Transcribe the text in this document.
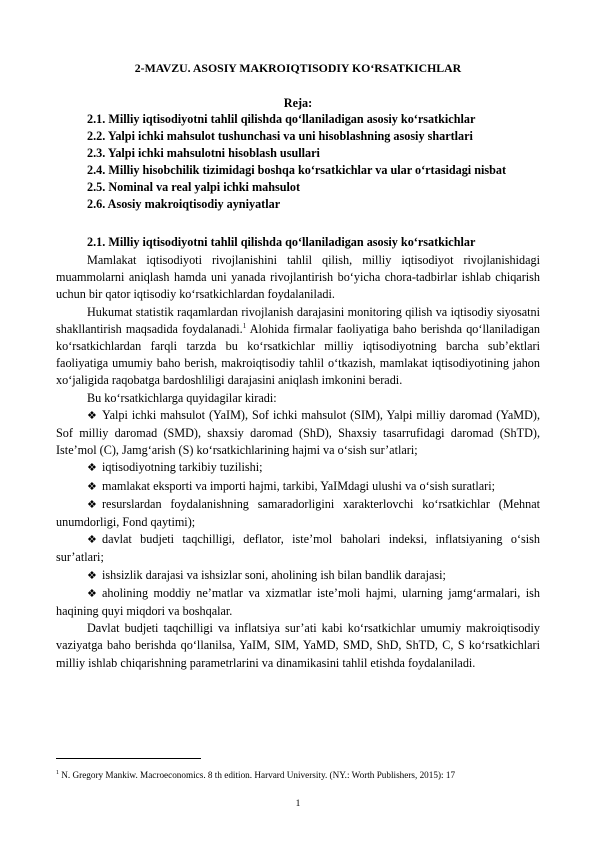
2-MAVZU. ASOSIY MAKROIQTISODIY KO‘RSATKICHLAR
Reja:
2.1. Milliy iqtisodiyotni tahlil qilishda qo‘llaniladigan asosiy ko‘rsatkichlar
2.2. Yalpi ichki mahsulot tushunchasi va uni hisoblashning asosiy shartlari
2.3. Yalpi ichki mahsulotni hisoblash usullari
2.4. Milliy hisobchilik tizimidagi boshqa ko‘rsatkichlar va ular o‘rtasidagi nisbat
2.5. Nominal va real yalpi ichki mahsulot
2.6. Asosiy makroiqtisodiy ayniyatlar
2.1. Milliy iqtisodiyotni tahlil qilishda qo‘llaniladigan asosiy ko‘rsatkichlar

Mamlakat iqtisodiyoti rivojlanishini tahlil qilish, milliy iqtisodiyot rivojlanishidagi muammolarni aniqlash hamda uni yanada rivojlantirish bo‘yicha chora-tadbirlar ishlab chiqarish uchun bir qator iqtisodiy ko‘rsatkichlardan foydalaniladi.

Hukumat statistik raqamlardan rivojlanish darajasini monitoring qilish va iqtisodiy siyosatni shakllantirish maqsadida foydalanadi.$^1$ Alohida firmalar faoliyatiga baho berishda qo‘llaniladigan ko‘rsatkichlardan farqli tarzda bu ko‘rsatkichlar milliy iqtisodiyotning barcha sub’ektlari faoliyatiga umumiy baho berish, makroiqtisodiy tahlil o‘tkazish, mamlakat iqtisodiyotining jahon xo‘jaligida raqobatga bardoshliligi darajasini aniqlash imkonini beradi.

Bu ko‘rsatkichlarga quyidagilar kiradi:

❖ Yalpi ichki mahsulot (YaIM), Sof ichki mahsulot (SIM), Yalpi milliy daromad (YaMD), Sof milliy daromad (SMD), shaxsiy daromad (ShD), Shaxsiy tasarrufidagi daromad (ShTD), Iste’mol (C), Jamg‘arish (S) ko‘rsatkichlarining hajmi va o‘sish sur’atlari;

❖ iqtisodiyotning tarkibiy tuzilishi;

❖ mamlakat eksporti va importi hajmi, tarkibi, YaIMdagi ulushi va o‘sish suratlari;

❖ resurslardan foydalanishning samaradorligini xarakterlovchi ko‘rsatkichlar (Mehnat unumdorligi, Fond qaytimi);

❖ davlat budjeti taqchilligi, deflator, iste’mol baholari indeksi, inflatsiyaning o‘sish sur’atlari;

❖ ishsizlik darajasi va ishsizlar soni, aholining ish bilan bandlik darajasi;

❖ aholining moddiy ne’matlar va xizmatlar iste’moli hajmi, ularning jamg‘armalari, ish haqining quyi miqdori va boshqalar.

Davlat budjeti taqchilligi va inflatsiya sur’ati kabi ko‘rsatkichlar umumiy makroiqtisodiy vaziyatga baho berishda qo‘llanilsa, YaIM, SIM, YaMD, SMD, ShD, ShTD, C, S ko‘rsatkichlari milliy ishlab chiqarishning parametrlarini va dinamikasini tahlil etishda foydalaniladi.

$^1$ N. Gregory Mankiw. Macroeconomics. 8 th edition. Harvard University. (NY.: Worth Publishers, 2015): 17
1
